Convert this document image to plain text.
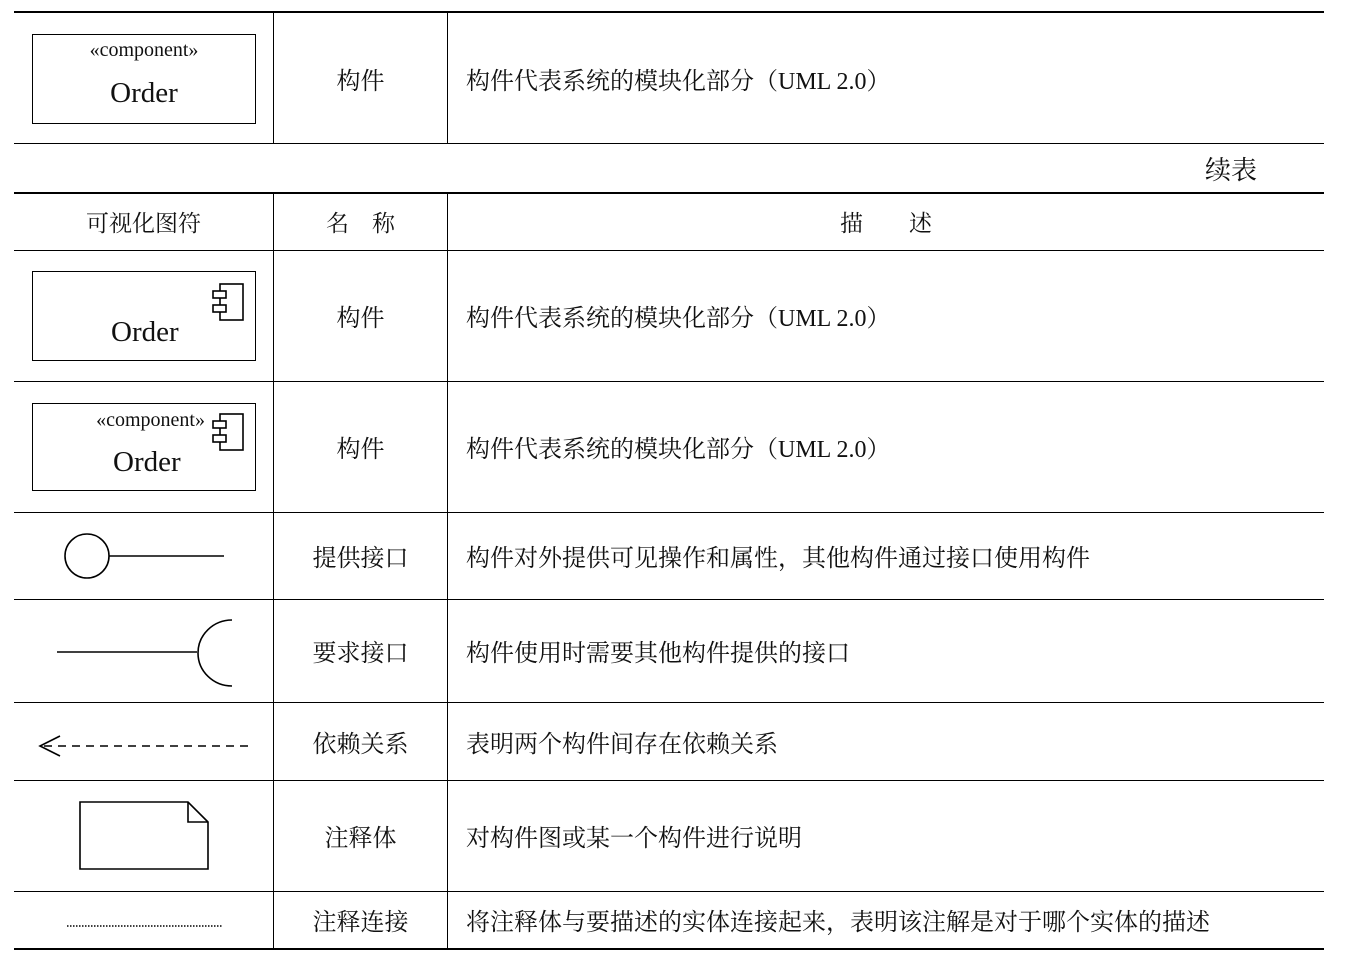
«component»
Order	构件	构件代表系统的模块化部分（UML 2.0）
续表
可视化图符	名　称	描　　述

Order	构件	构件代表系统的模块化部分（UML 2.0）

«component»
Order	构件	构件代表系统的模块化部分（UML 2.0）

	提供接口	构件对外提供可见操作和属性，其他构件通过接口使用构件

	要求接口	构件使用时需要其他构件提供的接口

	依赖关系	表明两个构件间存在依赖关系

	注释体	对构件图或某一个构件进行说明

	注释连接	将注释体与要描述的实体连接起来，表明该注解是对于哪个实体的描述
